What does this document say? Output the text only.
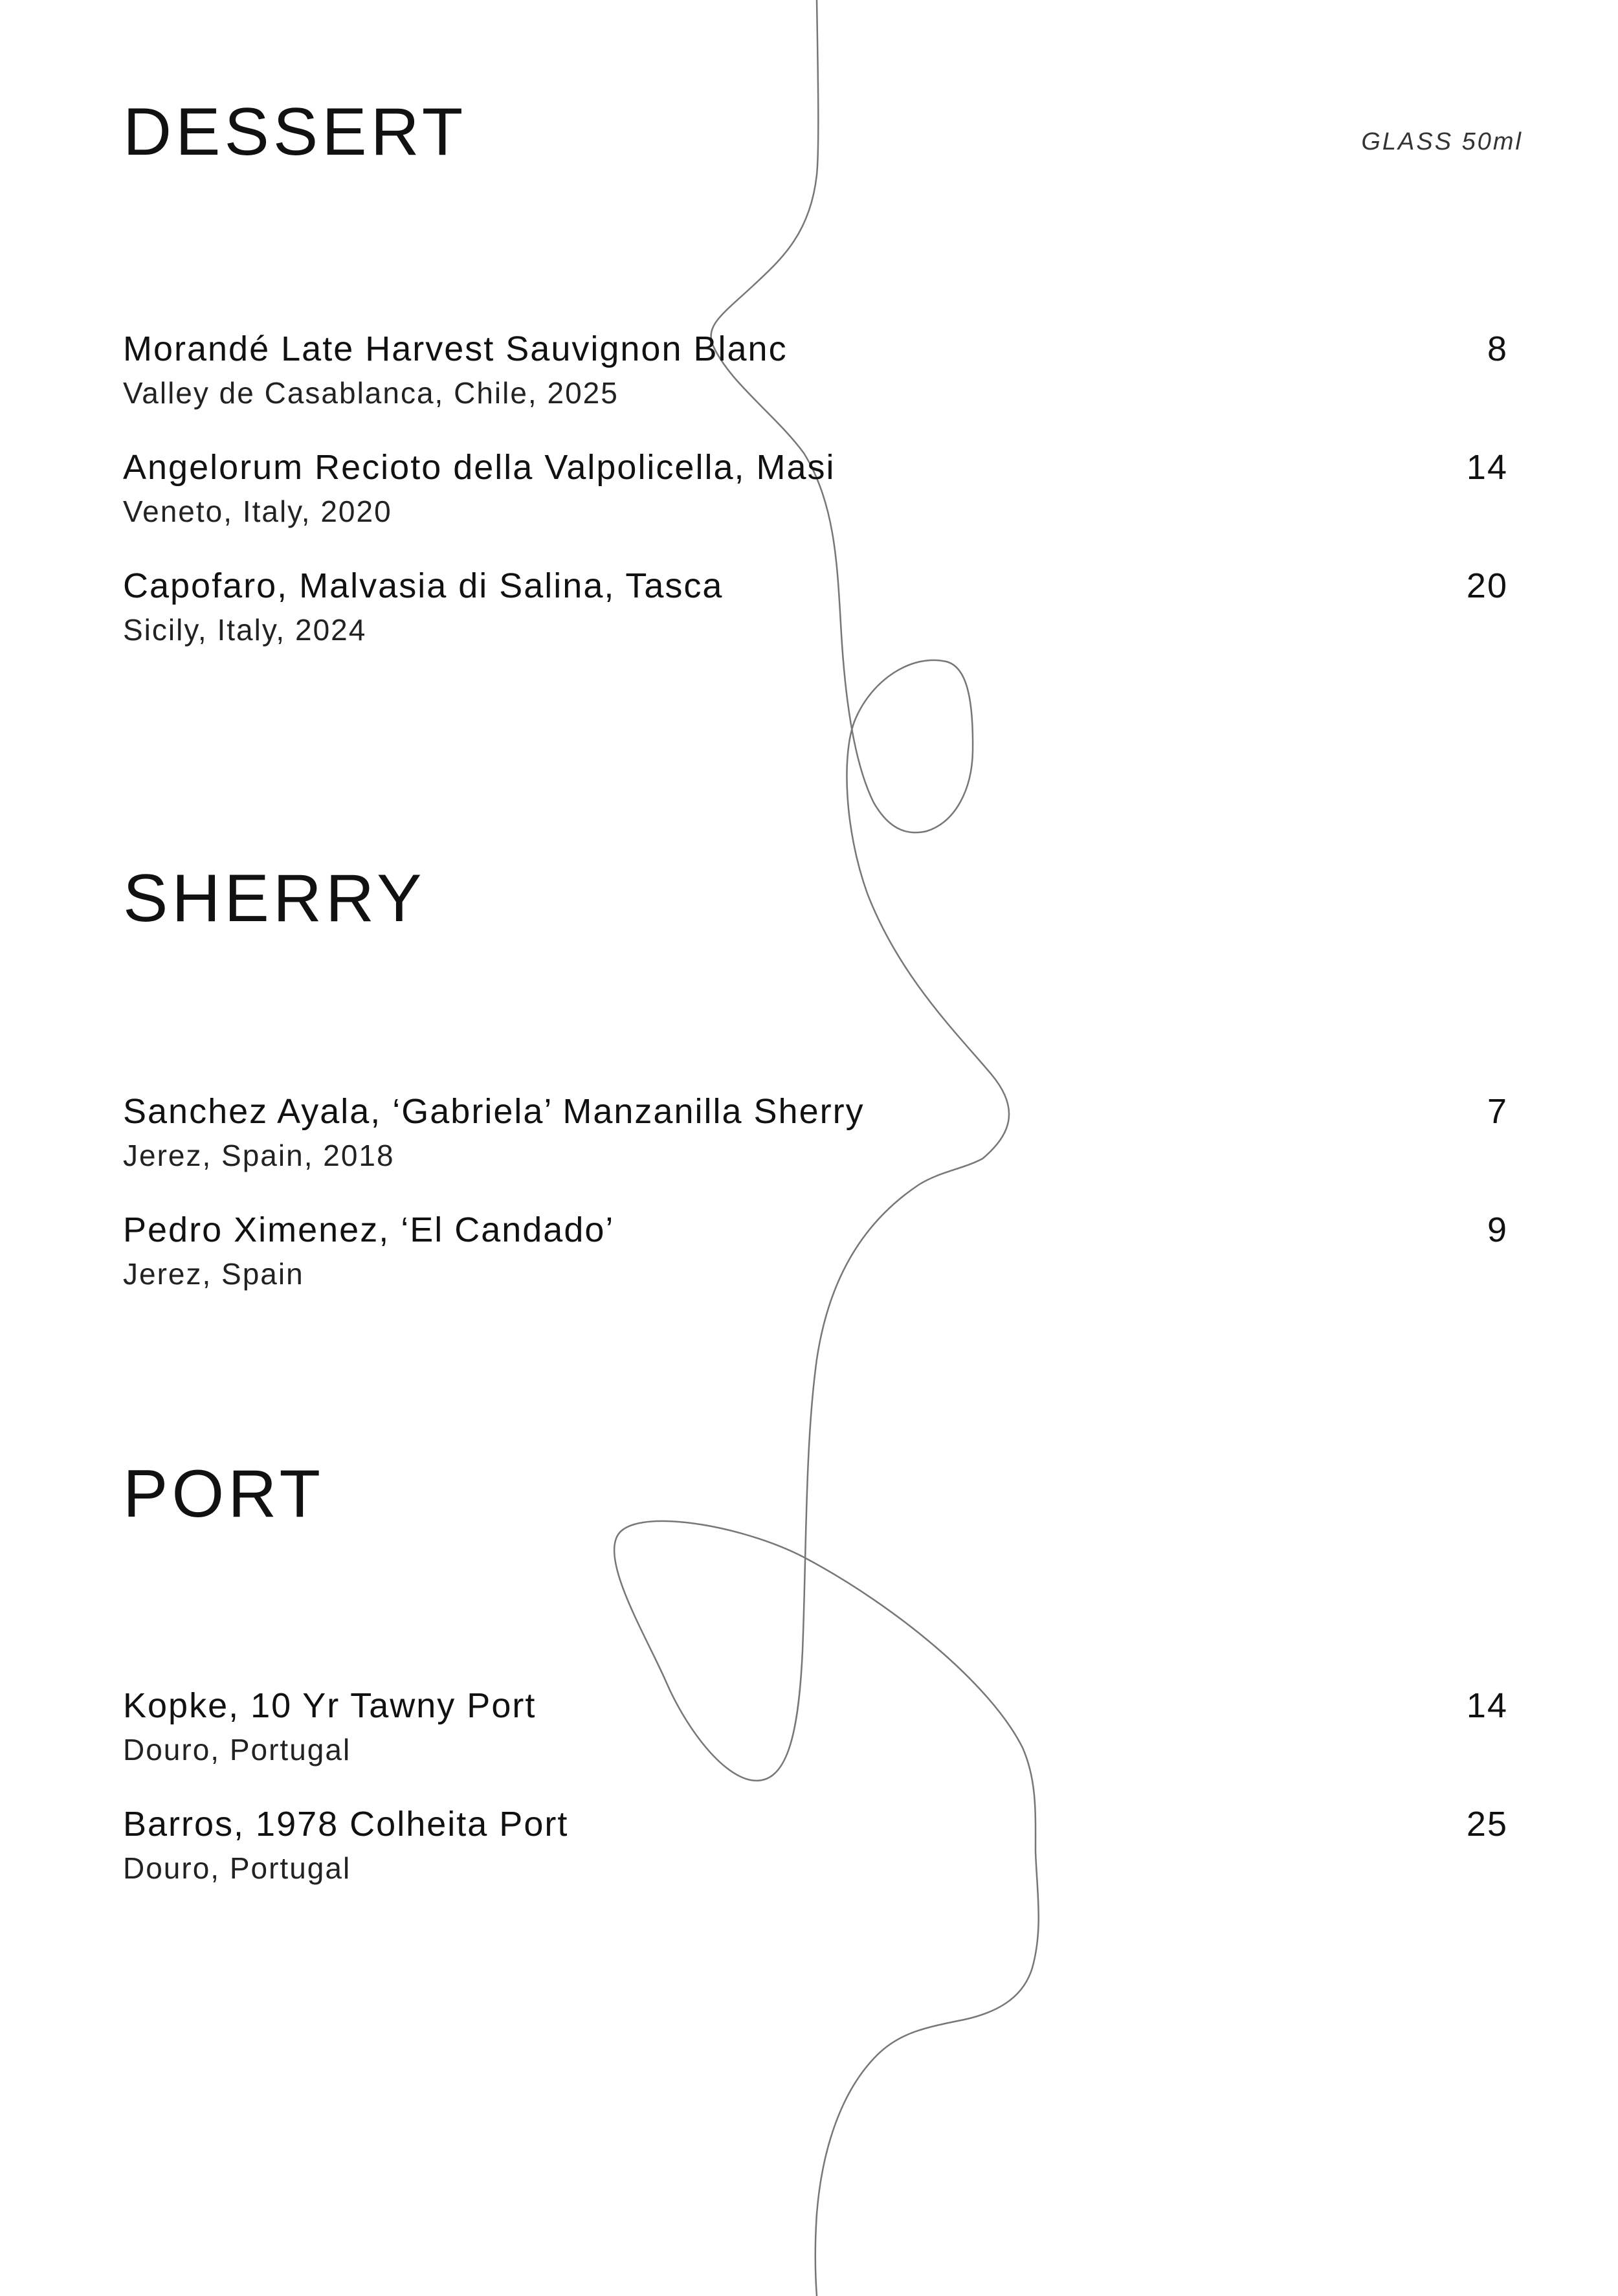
DESSERT	GLASS 50ml
Morandé Late Harvest Sauvignon Blanc
Valley de Casablanca, Chile, 2025
8
Angelorum Recioto della Valpolicella, Masi
Veneto, Italy, 2020
14
Capofaro, Malvasia di Salina, Tasca
Sicily, Italy, 2024
20
SHERRY
Sanchez Ayala, ‘Gabriela’ Manzanilla Sherry
Jerez, Spain, 2018
7
Pedro Ximenez, ‘El Candado’
Jerez, Spain
9
PORT
Kopke, 10 Yr Tawny Port
Douro, Portugal
14
Barros, 1978 Colheita Port
Douro, Portugal
25
